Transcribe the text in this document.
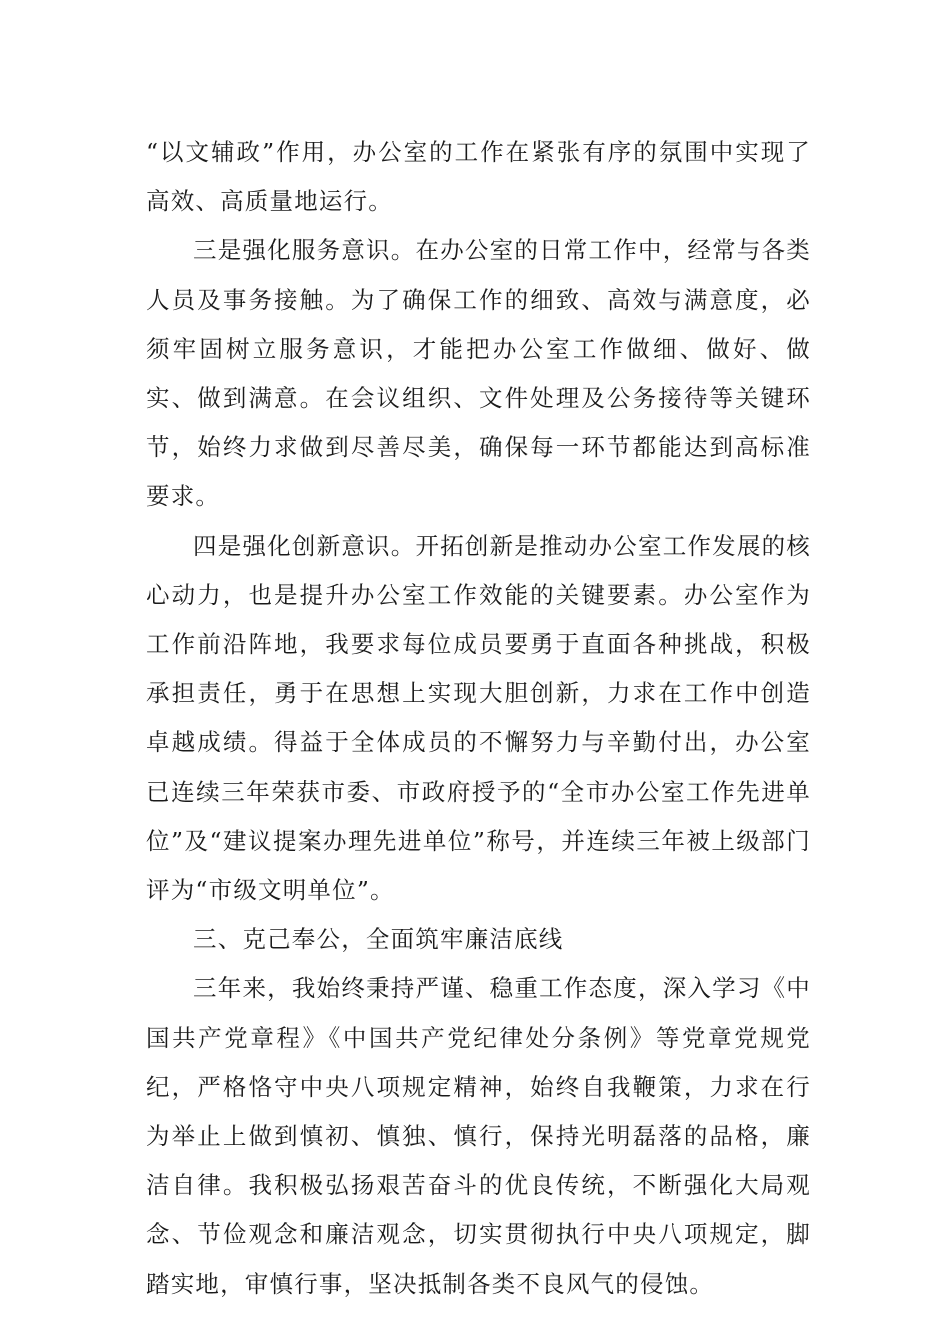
“以文辅政”作用，办公室的工作在紧张有序的氛围中实现了高效、高质量地运行。

三是强化服务意识。在办公室的日常工作中，经常与各类人员及事务接触。为了确保工作的细致、高效与满意度，必须牢固树立服务意识，才能把办公室工作做细、做好、做实、做到满意。在会议组织、文件处理及公务接待等关键环节，始终力求做到尽善尽美，确保每一环节都能达到高标准要求。

四是强化创新意识。开拓创新是推动办公室工作发展的核心动力，也是提升办公室工作效能的关键要素。办公室作为工作前沿阵地，我要求每位成员要勇于直面各种挑战，积极承担责任，勇于在思想上实现大胆创新，力求在工作中创造卓越成绩。得益于全体成员的不懈努力与辛勤付出，办公室已连续三年荣获市委、市政府授予的“全市办公室工作先进单位”及“建议提案办理先进单位”称号，并连续三年被上级部门评为“市级文明单位”。

三、克己奉公，全面筑牢廉洁底线

三年来，我始终秉持严谨、稳重工作态度，深入学习《中国共产党章程》《中国共产党纪律处分条例》等党章党规党纪，严格恪守中央八项规定精神，始终自我鞭策，力求在行为举止上做到慎初、慎独、慎行，保持光明磊落的品格，廉洁自律。我积极弘扬艰苦奋斗的优良传统，不断强化大局观念、节俭观念和廉洁观念，切实贯彻执行中央八项规定，脚踏实地，审慎行事，坚决抵制各类不良风气的侵蚀。
